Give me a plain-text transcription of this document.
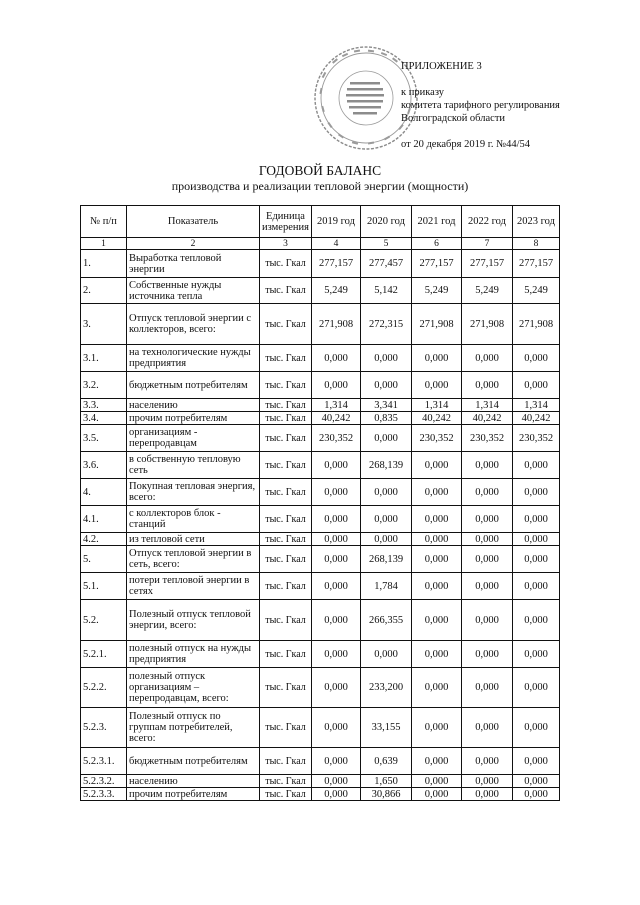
ПРИЛОЖЕНИЕ 3

к приказу
комитета тарифного регулирования
Волгоградской области

от 20 декабря 2019 г. №44/54
ГОДОВОЙ БАЛАНС
производства и реализации тепловой энергии (мощности)
№ п/п	Показатель	Единица измерения	2019 год	2020 год	2021 год	2022 год	2023 год
1	2	3	4	5	6	7	8
1.	Выработка тепловой энергии	тыс. Гкал	277,157	277,457	277,157	277,157	277,157
2.	Собственные нужды источника тепла	тыс. Гкал	5,249	5,142	5,249	5,249	5,249
3.	Отпуск тепловой энергии с коллекторов, всего:	тыс. Гкал	271,908	272,315	271,908	271,908	271,908
3.1.	на технологические нужды предприятия	тыс. Гкал	0,000	0,000	0,000	0,000	0,000
3.2.	бюджетным потребителям	тыс. Гкал	0,000	0,000	0,000	0,000	0,000
3.3.	населению	тыс. Гкал	1,314	3,341	1,314	1,314	1,314
3.4.	прочим потребителям	тыс. Гкал	40,242	0,835	40,242	40,242	40,242
3.5.	организациям - перепродавцам	тыс. Гкал	230,352	0,000	230,352	230,352	230,352
3.6.	в собственную тепловую сеть	тыс. Гкал	0,000	268,139	0,000	0,000	0,000
4.	Покупная тепловая энергия, всего:	тыс. Гкал	0,000	0,000	0,000	0,000	0,000
4.1.	с коллекторов блок - станций	тыс. Гкал	0,000	0,000	0,000	0,000	0,000
4.2.	из тепловой сети	тыс. Гкал	0,000	0,000	0,000	0,000	0,000
5.	Отпуск тепловой энергии в сеть, всего:	тыс. Гкал	0,000	268,139	0,000	0,000	0,000
5.1.	потери тепловой энергии в сетях	тыс. Гкал	0,000	1,784	0,000	0,000	0,000
5.2.	Полезный отпуск тепловой энергии, всего:	тыс. Гкал	0,000	266,355	0,000	0,000	0,000
5.2.1.	полезный отпуск на нужды предприятия	тыс. Гкал	0,000	0,000	0,000	0,000	0,000
5.2.2.	полезный отпуск организациям – перепродавцам, всего:	тыс. Гкал	0,000	233,200	0,000	0,000	0,000
5.2.3.	Полезный отпуск по группам потребителей, всего:	тыс. Гкал	0,000	33,155	0,000	0,000	0,000
5.2.3.1.	бюджетным потребителям	тыс. Гкал	0,000	0,639	0,000	0,000	0,000
5.2.3.2.	населению	тыс. Гкал	0,000	1,650	0,000	0,000	0,000
5.2.3.3.	прочим потребителям	тыс. Гкал	0,000	30,866	0,000	0,000	0,000
